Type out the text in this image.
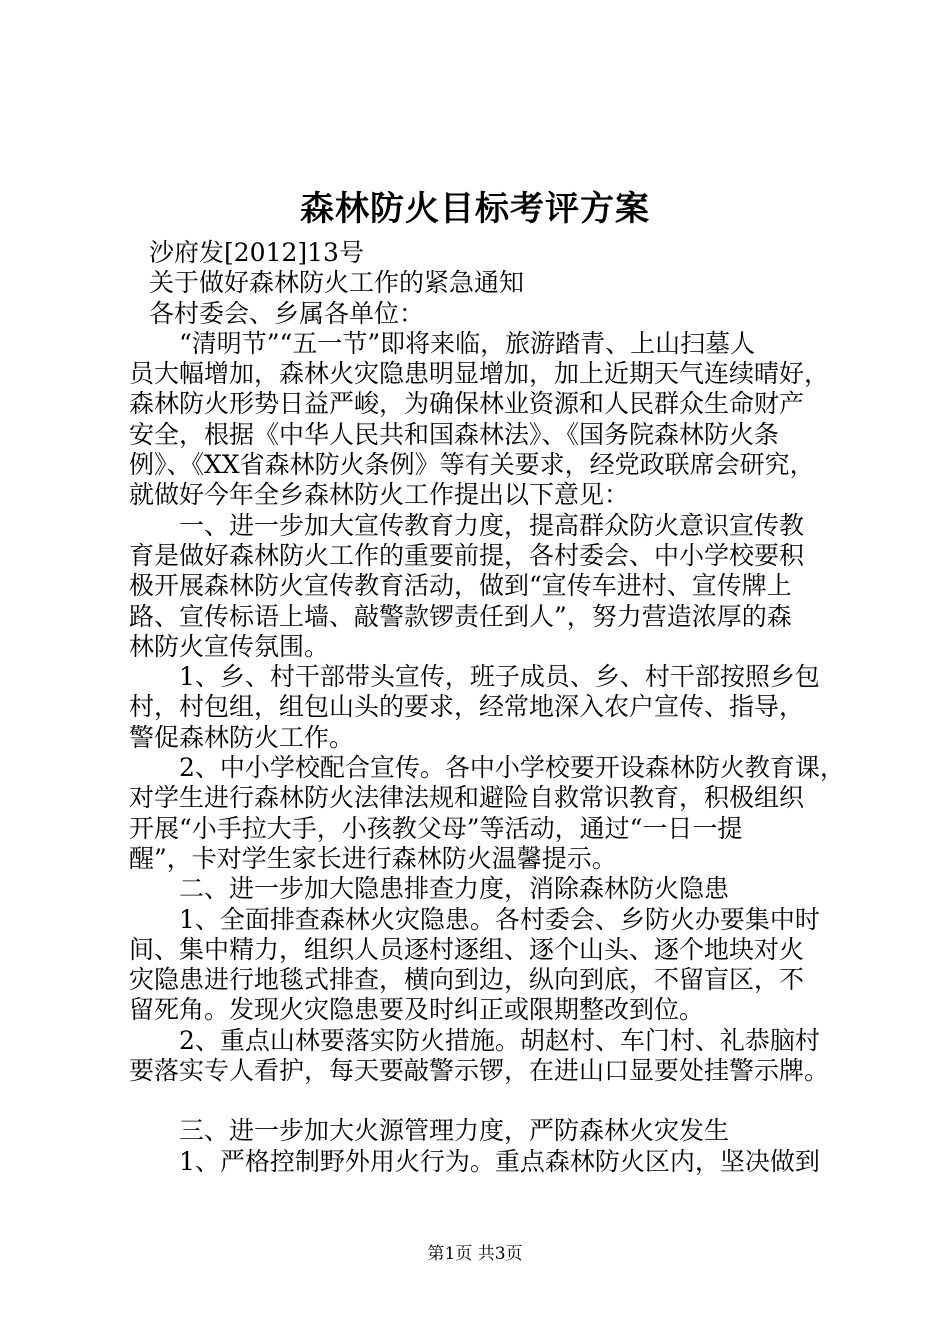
森林防火目标考评方案
沙府发[2012]13号
关于做好森林防火工作的紧急通知
各村委会、乡属各单位：
“清明节”“五一节”即将来临，旅游踏青、上山扫墓人
员大幅增加，森林火灾隐患明显增加，加上近期天气连续晴好，
森林防火形势日益严峻，为确保林业资源和人民群众生命财产
安全，根据《中华人民共和国森林法》、《国务院森林防火条
例》、《XX省森林防火条例》等有关要求，经党政联席会研究，
就做好今年全乡森林防火工作提出以下意见：
一、进一步加大宣传教育力度，提高群众防火意识宣传教
育是做好森林防火工作的重要前提，各村委会、中小学校要积
极开展森林防火宣传教育活动，做到“宣传车进村、宣传牌上
路、宣传标语上墙、敲警款锣责任到人”，努力营造浓厚的森
林防火宣传氛围。
1、乡、村干部带头宣传，班子成员、乡、村干部按照乡包
村，村包组，组包山头的要求，经常地深入农户宣传、指导，
警促森林防火工作。
2、中小学校配合宣传。各中小学校要开设森林防火教育课，
对学生进行森林防火法律法规和避险自救常识教育，积极组织
开展“小手拉大手，小孩教父母”等活动，通过“一日一提
醒”，卡对学生家长进行森林防火温馨提示。
二、进一步加大隐患排查力度，消除森林防火隐患
1、全面排查森林火灾隐患。各村委会、乡防火办要集中时
间、集中精力，组织人员逐村逐组、逐个山头、逐个地块对火
灾隐患进行地毯式排查，横向到边，纵向到底，不留盲区，不
留死角。发现火灾隐患要及时纠正或限期整改到位。
2、重点山林要落实防火措施。胡赵村、车门村、礼恭脑村
要落实专人看护，每天要敲警示锣，在进山口显要处挂警示牌。
三、进一步加大火源管理力度，严防森林火灾发生
1、严格控制野外用火行为。重点森林防火区内，坚决做到
第1页 共3页
